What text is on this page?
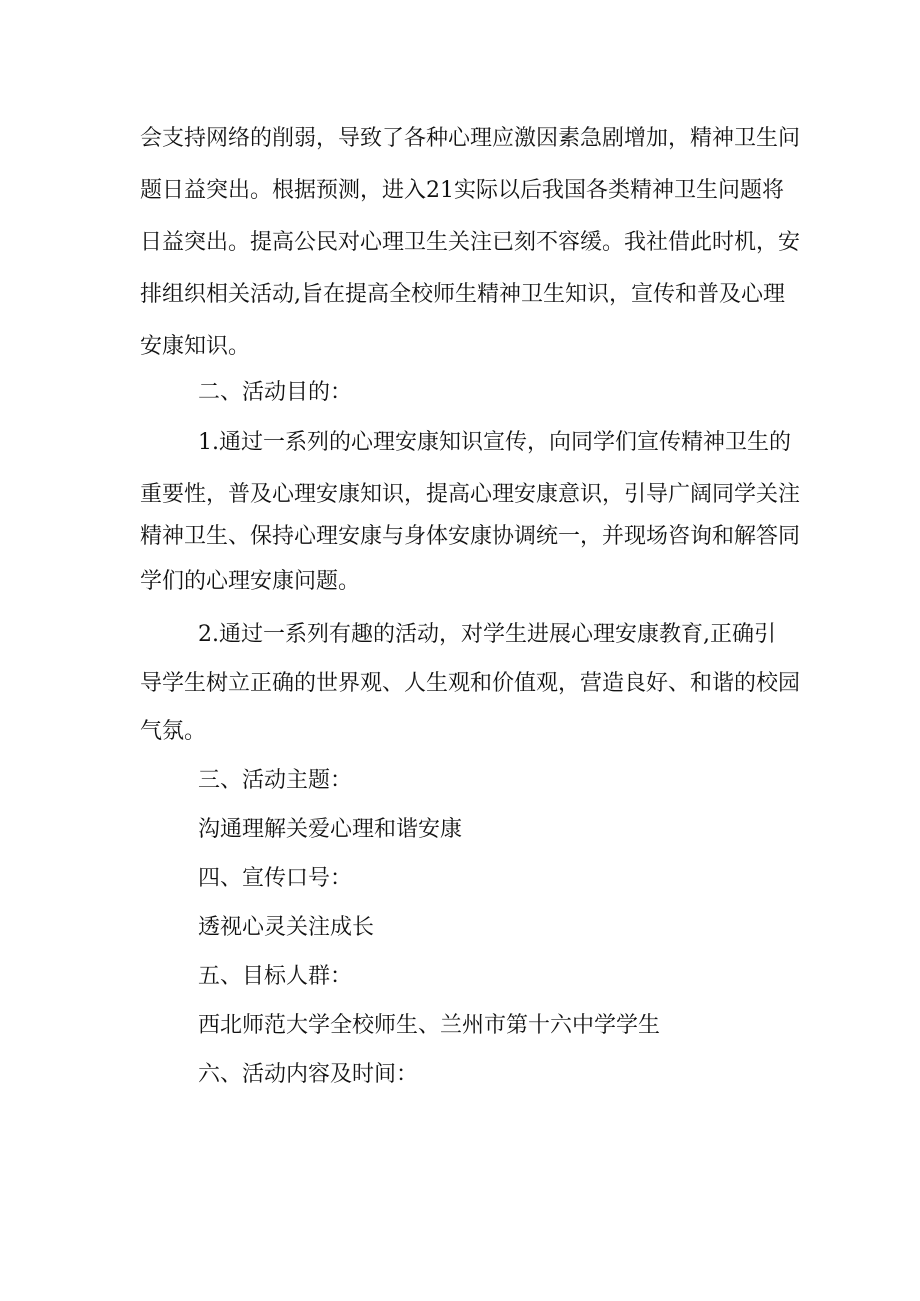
会支持网络的削弱，导致了各种心理应激因素急剧增加，精神卫生问
题日益突出。根据预测，进入21实际以后我国各类精神卫生问题将
日益突出。提高公民对心理卫生关注已刻不容缓。我社借此时机，安
排组织相关活动,旨在提高全校师生精神卫生知识，宣传和普及心理
安康知识。
二、活动目的：
1.通过一系列的心理安康知识宣传，向同学们宣传精神卫生的
重要性，普及心理安康知识，提高心理安康意识，引导广阔同学关注
精神卫生、保持心理安康与身体安康协调统一，并现场咨询和解答同
学们的心理安康问题。
2.通过一系列有趣的活动，对学生进展心理安康教育,正确引
导学生树立正确的世界观、人生观和价值观，营造良好、和谐的校园
气氛。
三、活动主题：
沟通理解关爱心理和谐安康
四、宣传口号：
透视心灵关注成长
五、目标人群：
西北师范大学全校师生、兰州市第十六中学学生
六、活动内容及时间：
